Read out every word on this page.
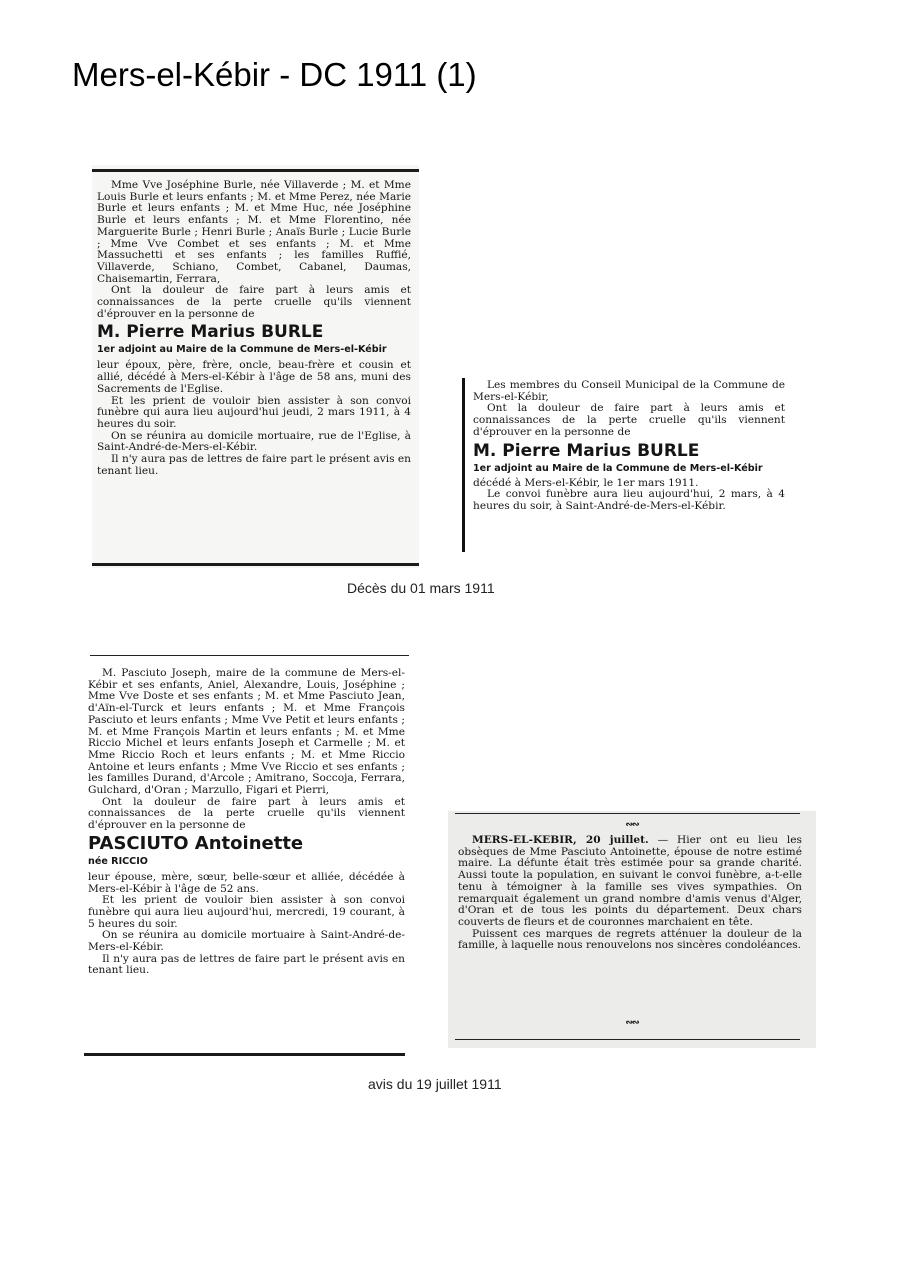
Mers-el-Kébir - DC 1911 (1)

Mme Vve Joséphine Burle, née Villaverde ; M. et Mme Louis Burle et leurs enfants ; M. et Mme Perez, née Marie Burle et leurs enfants ; M. et Mme Huc, née Joséphine Burle et leurs enfants ; M. et Mme Florentino, née Marguerite Burle ; Henri Burle ; Anaïs Burle ; Lucie Burle ; Mme Vve Combet et ses enfants ; M. et Mme Massuchetti et ses enfants ; les familles Ruffié, Villaverde, Schiano, Combet, Cabanel, Daumas, Chaisemartin, Ferrara,

Ont la douleur de faire part à leurs amis et connaissances de la perte cruelle qu'ils viennent d'éprouver en la personne de

M. Pierre Marius BURLE

1er adjoint au Maire de la Commune de Mers-el-Kébir

leur époux, père, frère, oncle, beau-frère et cousin et allié, décédé à Mers-el-Kébir à l'âge de 58 ans, muni des Sacrements de l'Eglise.

Et les prient de vouloir bien assister à son convoi funèbre qui aura lieu aujourd'hui jeudi, 2 mars 1911, à 4 heures du soir.

On se réunira au domicile mortuaire, rue de l'Eglise, à Saint-André-de-Mers-el-Kébir.

Il n'y aura pas de lettres de faire part le présent avis en tenant lieu.

Les membres du Conseil Municipal de la Commune de Mers-el-Kébir,

Ont la douleur de faire part à leurs amis et connaissances de la perte cruelle qu'ils viennent d'éprouver en la personne de

M. Pierre Marius BURLE

1er adjoint au Maire de la Commune de Mers-el-Kébir

décédé à Mers-el-Kébir, le 1er mars 1911.

Le convoi funèbre aura lieu aujourd'hui, 2 mars, à 4 heures du soir, à Saint-André-de-Mers-el-Kébir.

Décès du 01 mars 1911

M. Pasciuto Joseph, maire de la commune de Mers-el-Kébir et ses enfants, Aniel, Alexandre, Louis, Joséphine ; Mme Vve Doste et ses enfants ; M. et Mme Pasciuto Jean, d'Aïn-el-Turck et leurs enfants ; M. et Mme François Pasciuto et leurs enfants ; Mme Vve Petit et leurs enfants ; M. et Mme François Martin et leurs enfants ; M. et Mme Riccio Michel et leurs enfants Joseph et Carmelle ; M. et Mme Riccio Roch et leurs enfants ; M. et Mme Riccio Antoine et leurs enfants ; Mme Vve Riccio et ses enfants ; les familles Durand, d'Arcole ; Amitrano, Soccoja, Ferrara, Gulchard, d'Oran ; Marzullo, Figari et Pierri,

Ont la douleur de faire part à leurs amis et connaissances de la perte cruelle qu'ils viennent d'éprouver en la personne de

PASCIUTO Antoinette

née RICCIO

leur épouse, mère, sœur, belle-sœur et alliée, décédée à Mers-el-Kébir à l'âge de 52 ans.

Et les prient de vouloir bien assister à son convoi funèbre qui aura lieu aujourd'hui, mercredi, 19 courant, à 5 heures du soir.

On se réunira au domicile mortuaire à Saint-André-de-Mers-el-Kébir.

Il n'y aura pas de lettres de faire part le présent avis en tenant lieu.

∾∾

MERS-EL-KEBIR, 20 juillet. — Hier ont eu lieu les obsèques de Mme Pasciuto Antoinette, épouse de notre estimé maire. La défunte était très estimée pour sa grande charité. Aussi toute la population, en suivant le convoi funèbre, a-t-elle tenu à témoigner à la famille ses vives sympathies. On remarquait également un grand nombre d'amis venus d'Alger, d'Oran et de tous les points du département. Deux chars couverts de fleurs et de couronnes marchaient en tête.

Puissent ces marques de regrets atténuer la douleur de la famille, à laquelle nous renouvelons nos sincères condoléances.

∾∾
avis du 19 juillet 1911
